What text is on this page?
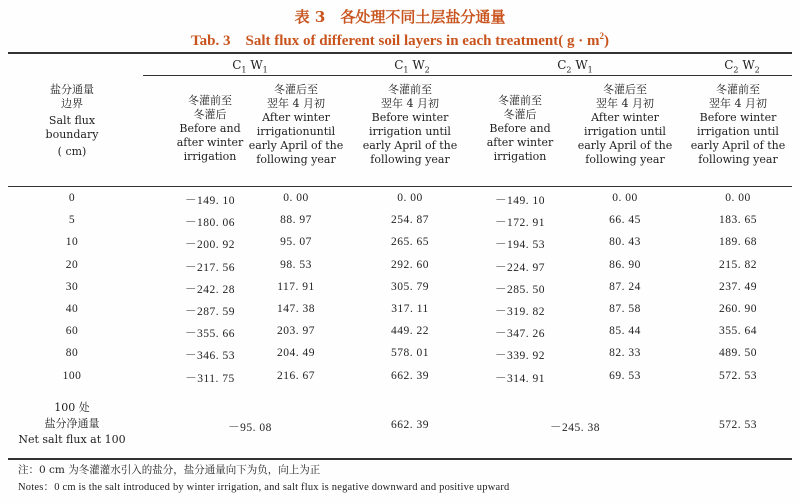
表 3　各处理不同土层盐分通量
Tab. 3　Salt flux of different soil layers in each treatment( $g \cdot m^2$)
盐分通量
边界
Salt flux
boundary
( cm)
$C_1$ $W_1$	$C_1$ $W_2$	$C_2$ $W_1$	$C_2$ $W_2$
冬灌前至
冬灌后
Before and
after winter
irrigation
冬灌后至
翌年 4 月初
After winter
irrigationuntil
early April of the
following year
冬灌前至
翌年 4 月初
Before winter
irrigation until
early April of the
following year
冬灌前至
冬灌后
Before and
after winter
irrigation
冬灌后至
翌年 4 月初
After winter
irrigation until
early April of the
following year
冬灌前至
翌年 4 月初
Before winter
irrigation until
early April of the
following year
0	－149. 10	0. 00	0. 00	－149. 10	0. 00	0. 00
5	－180. 06	88. 97	254. 87	－172. 91	66. 45	183. 65
10	－200. 92	95. 07	265. 65	－194. 53	80. 43	189. 68
20	－217. 56	98. 53	292. 60	－224. 97	86. 90	215. 82
30	－242. 28	117. 91	305. 79	－285. 50	87. 24	237. 49
40	－287. 59	147. 38	317. 11	－319. 82	87. 58	260. 90
60	－355. 66	203. 97	449. 22	－347. 26	85. 44	355. 64
80	－346. 53	204. 49	578. 01	－339. 92	82. 33	489. 50
100	－311. 75	216. 67	662. 39	－314. 91	69. 53	572. 53
100 处
盐分净通量
Net salt flux at 100
－95. 08	662. 39	－245. 38	572. 53
注：0 cm 为冬灌灌水引入的盐分，盐分通量向下为负，向上为正
Notes：0 cm is the salt introduced by winter irrigation, and salt flux is negative downward and positive upward
